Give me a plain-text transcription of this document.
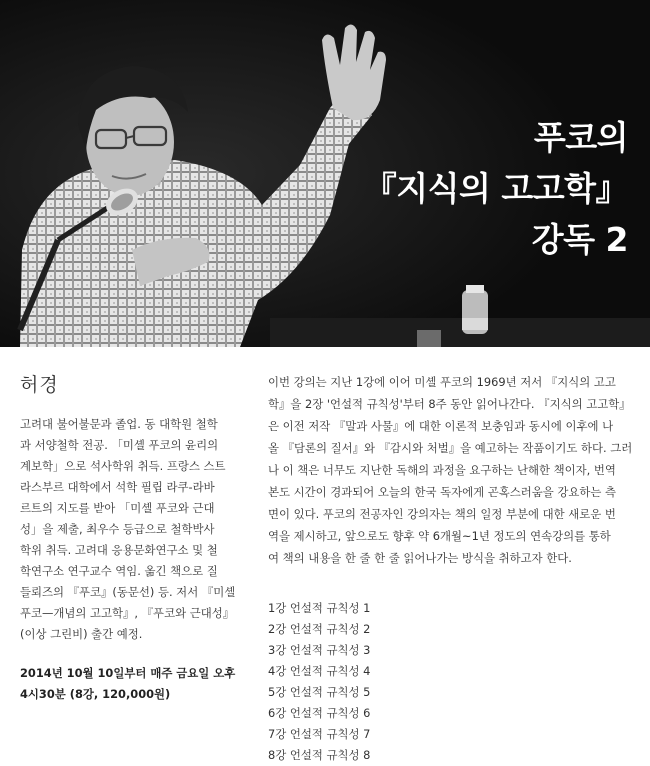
푸코의
『지식의 고고학』
강독 2
허경
고려대 불어불문과 졸업. 동 대학원 철학
과 서양철학 전공. 「미셸 푸코의 윤리의
계보학」으로 석사학위 취득. 프랑스 스트
라스부르 대학에서 석학 필립 라쿠-라바
르트의 지도를 받아 「미셸 푸코와 근대
성」을 제출, 최우수 등급으로 철학박사
학위 취득. 고려대 응용문화연구소 및 철
학연구소 연구교수 역임. 옮긴 책으로 질
들뢰즈의 『푸코』(동문선) 등. 저서 『미셸
푸코—개념의 고고학』, 『푸코와 근대성』
(이상 그린비) 출간 예정.
2014년 10월 10일부터 매주 금요일 오후
4시30분 (8강, 120,000원)
이번 강의는 지난 1강에 이어 미셸 푸코의 1969년 저서 『지식의 고고
학』을 2장 '언설적 규칙성'부터 8주 동안 읽어나간다. 『지식의 고고학』
은 이전 저작 『말과 사물』에 대한 이론적 보충임과 동시에 이후에 나
올 『담론의 질서』와 『감시와 처벌』을 예고하는 작품이기도 하다. 그러
나 이 책은 너무도 지난한 독해의 과정을 요구하는 난해한 책이자, 번역
본도 시간이 경과되어 오늘의 한국 독자에게 곤혹스러움을 강요하는 측
면이 있다. 푸코의 전공자인 강의자는 책의 일정 부분에 대한 새로운 번
역을 제시하고, 앞으로도 향후 약 6개월~1년 정도의 연속강의를 통하
여 책의 내용을 한 줄 한 줄 읽어나가는 방식을 취하고자 한다.
1강 언설적 규칙성 1
2강 언설적 규칙성 2
3강 언설적 규칙성 3
4강 언설적 규칙성 4
5강 언설적 규칙성 5
6강 언설적 규칙성 6
7강 언설적 규칙성 7
8강 언설적 규칙성 8
